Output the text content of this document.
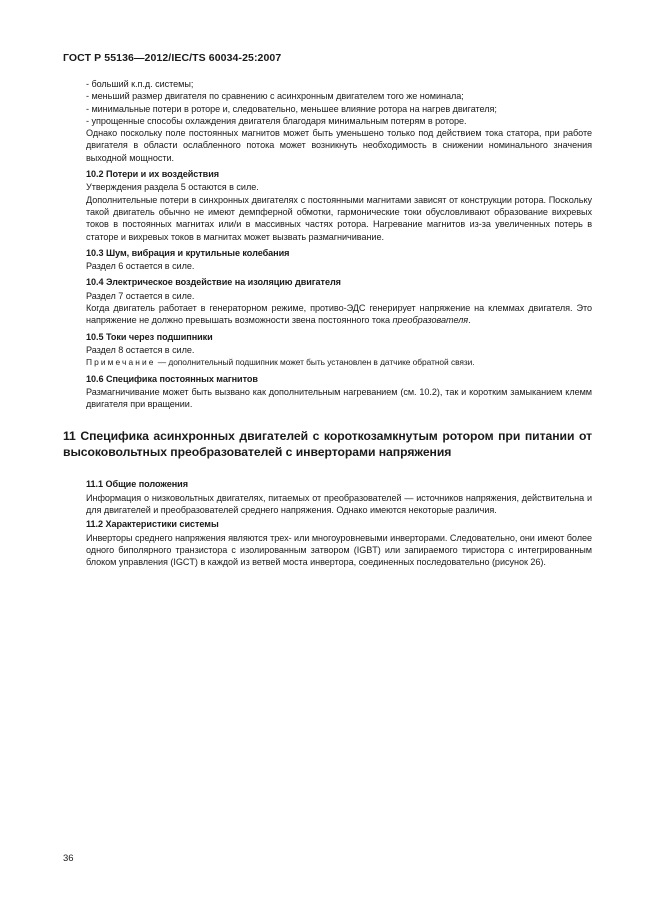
ГОСТ Р 55136—2012/IEC/TS 60034-25:2007

- больший к.п.д. системы;

- меньший размер двигателя по сравнению с асинхронным двигателем того же номинала;

- минимальные потери в роторе и, следовательно, меньшее влияние ротора на нагрев двигателя;

- упрощенные способы охлаждения двигателя благодаря минимальным потерям в роторе.

Однако поскольку поле постоянных магнитов может быть уменьшено только под действием тока статора, при работе двигателя в области ослабленного потока может возникнуть необходимость в снижении номинального значения выходной мощности.

10.2 Потери и их воздействия

Утверждения раздела 5 остаются в силе.

Дополнительные потери в синхронных двигателях с постоянными магнитами зависят от конструкции ротора. Поскольку такой двигатель обычно не имеют демпферной обмотки, гармонические токи обусловливают образование вихревых токов в постоянных магнитах или/и в массивных частях ротора. Нагревание магнитов из-за увеличенных потерь в статоре и вихревых токов в магнитах может вызвать размагничивание.

10.3 Шум, вибрация и крутильные колебания

Раздел 6 остается в силе.

10.4 Электрическое воздействие на изоляцию двигателя

Раздел 7 остается в силе.

Когда двигатель работает в генераторном режиме, противо-ЭДС генерирует напряжение на клеммах двигателя. Это напряжение не должно превышать возможности звена постоянного тока преобразователя.

10.5 Токи через подшипники

Раздел 8 остается в силе.

Примечание — дополнительный подшипник может быть установлен в датчике обратной связи.

10.6 Специфика постоянных магнитов

Размагничивание может быть вызвано как дополнительным нагреванием (см. 10.2), так и коротким замыканием клемм двигателя при вращении.

11 Специфика асинхронных двигателей с короткозамкнутым ротором при питании от высоковольтных преобразователей с инверторами напряжения
11.1 Общие положения

Информация о низковольтных двигателях, питаемых от преобразователей — источников напряжения, действительна и для двигателей и преобразователей среднего напряжения. Однако имеются некоторые различия.

11.2 Характеристики системы

Инверторы среднего напряжения являются трех- или многоуровневыми инверторами. Следовательно, они имеют более одного биполярного транзистора с изолированным затвором (IGBT) или запираемого тиристора с интегрированным блоком управления (IGCT) в каждой из ветвей моста инвертора, соединенных последовательно (рисунок 26).

36
